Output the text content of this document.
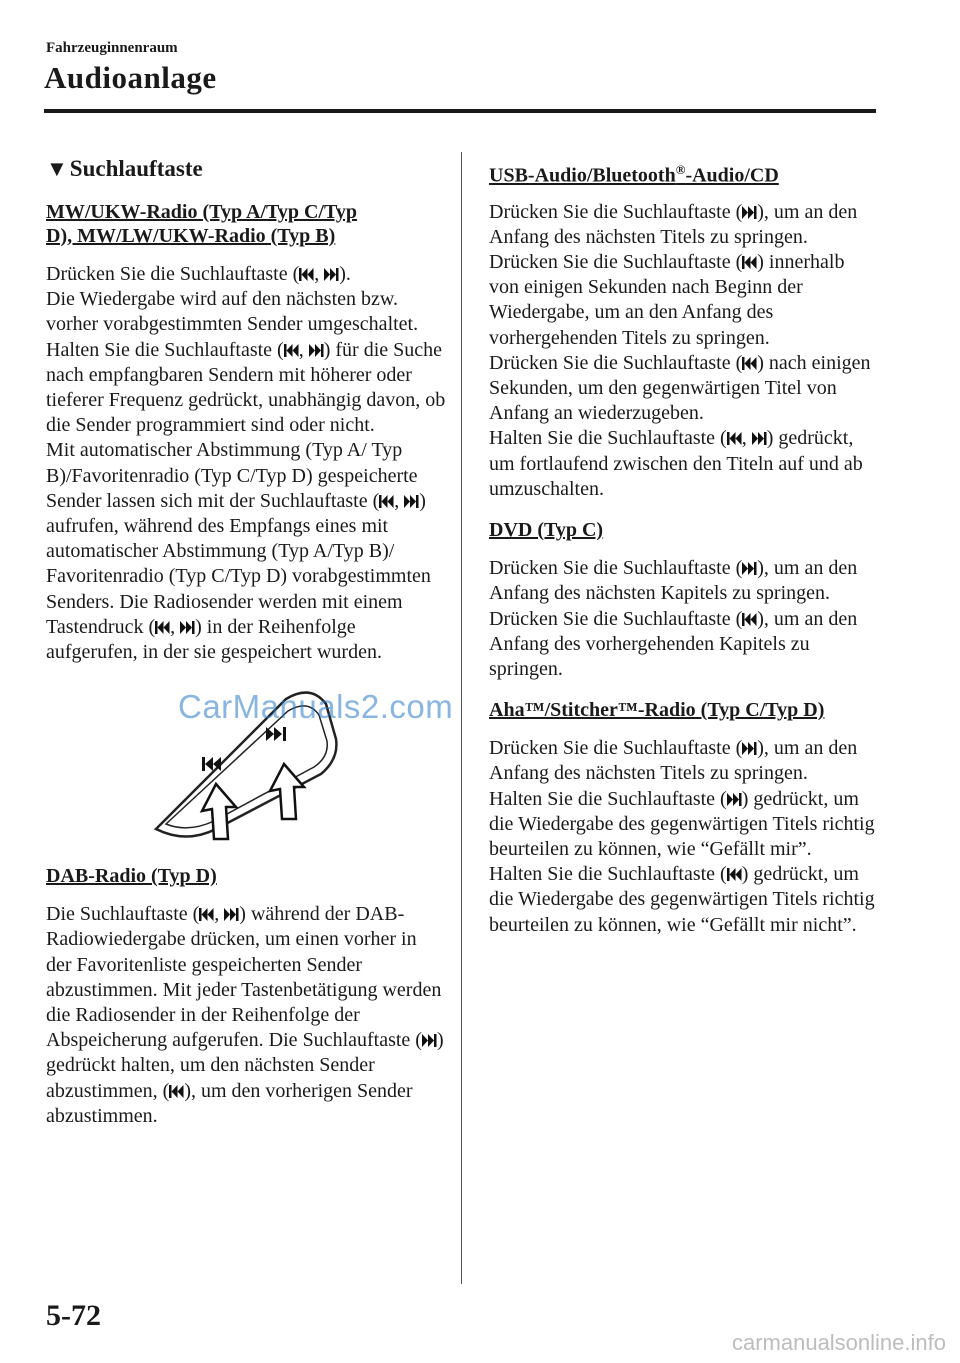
Fahrzeuginnenraum
Audioanlage
▼Suchlauftaste
MW/UKW-Radio (Typ A/Typ C/Typ
D), MW/LW/UKW-Radio (Typ B)

Drücken Sie die Suchlauftaste ( , ).
Die Wiedergabe wird auf den nächsten bzw. vorher vorabgestimmten Sender umgeschaltet.
Halten Sie die Suchlauftaste ( , ) für die Suche nach empfangbaren Sendern mit höherer oder tieferer Frequenz gedrückt, unabhängig davon, ob die Sender programmiert sind oder nicht.
Mit automatischer Abstimmung (Typ A/ Typ B)/Favoritenradio (Typ C/Typ D) gespeicherte Sender lassen sich mit der Suchlauftaste ( , ) aufrufen, während des Empfangs eines mit automatischer Abstimmung (Typ A/Typ B)/ Favoritenradio (Typ C/Typ D) vorabgestimmten Senders. Die Radiosender werden mit einem Tastendruck ( , ) in der Reihenfolge aufgerufen, in der sie gespeichert wurden.

DAB-Radio (Typ D)

Die Suchlauftaste ( , ) während der DAB-Radiowiedergabe drücken, um einen vorher in der Favoritenliste gespeicherten Sender abzustimmen. Mit jeder Tastenbetätigung werden die Radiosender in der Reihenfolge der Abspeicherung aufgerufen. Die Suchlauftaste ( ) gedrückt halten, um den nächsten Sender abzustimmen, ( ), um den vorherigen Sender abzustimmen.

USB-Audio/Bluetooth®-Audio/CD

Drücken Sie die Suchlauftaste ( ), um an den Anfang des nächsten Titels zu springen.
Drücken Sie die Suchlauftaste ( ) innerhalb von einigen Sekunden nach Beginn der Wiedergabe, um an den Anfang des vorhergehenden Titels zu springen.
Drücken Sie die Suchlauftaste ( ) nach einigen Sekunden, um den gegenwärtigen Titel von Anfang an wiederzugeben.
Halten Sie die Suchlauftaste ( , ) gedrückt, um fortlaufend zwischen den Titeln auf und ab umzuschalten.

DVD (Typ C)

Drücken Sie die Suchlauftaste ( ), um an den Anfang des nächsten Kapitels zu springen.
Drücken Sie die Suchlauftaste ( ), um an den Anfang des vorhergehenden Kapitels zu springen.

Aha™/Stitcher™-Radio (Typ C/Typ D)

Drücken Sie die Suchlauftaste ( ), um an den Anfang des nächsten Titels zu springen.
Halten Sie die Suchlauftaste ( ) gedrückt, um die Wiedergabe des gegenwärtigen Titels richtig beurteilen zu können, wie “Gefällt mir”.
Halten Sie die Suchlauftaste ( ) gedrückt, um die Wiedergabe des gegenwärtigen Titels richtig beurteilen zu können, wie “Gefällt mir nicht”.

CarManuals2.com
5-72
carmanualsonline.info
